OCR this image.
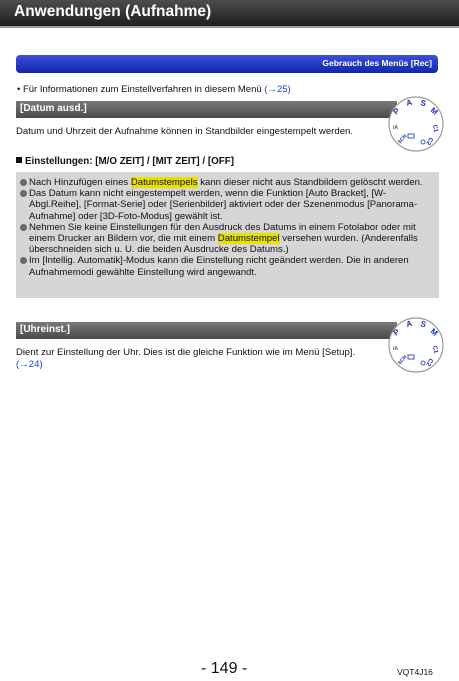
Anwendungen (Aufnahme)
Gebrauch des Menüs [Rec]
• Für Informationen zum Einstellverfahren in diesem Menü (→25)
[Datum ausd.]	P
A S
M
C1
C2
iA
SCN
Datum und Uhrzeit der Aufnahme können in Standbilder eingestempelt werden.
Einstellungen: [M/O ZEIT] / [MIT ZEIT] / [OFF]
Nach Hinzufügen eines Datumstempels kann dieser nicht aus Standbildern gelöscht werden.
Das Datum kann nicht eingestempelt werden, wenn die Funktion [Auto Bracket], [W-Abgl.Reihe], [Format-Serie] oder [Serienbilder] aktiviert oder der Szenenmodus [Panorama-Aufnahme] oder [3D-Foto-Modus] gewählt ist.
Nehmen Sie keine Einstellungen für den Ausdruck des Datums in einem Fotolabor oder mit einem Drucker an Bildern vor, die mit einem Datumstempel versehen wurden. (Anderenfalls überschneiden sich u. U. die beiden Ausdrucke des Datums.)
Im [Intellig. Automatik]-Modus kann die Einstellung nicht geändert werden. Die in anderen Aufnahmemodi gewählte Einstellung wird angewandt.
[Uhreinst.]	P
A S
M
C1
C2
iA
SCN
Dient zur Einstellung der Uhr. Dies ist die gleiche Funktion wie im Menü [Setup]. (→24)
- 149 -	VQT4J16
